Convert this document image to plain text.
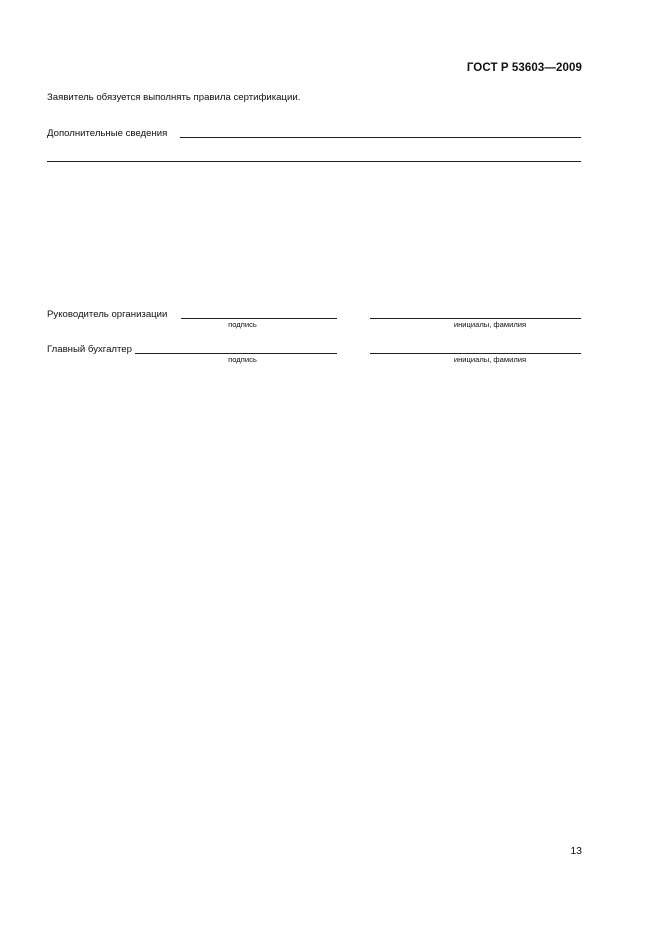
ГОСТ Р 53603—2009
Заявитель обязуется выполнять правила сертификации.
Дополнительные сведения
Руководитель организации
подпись	инициалы, фамилия
Главный бухгалтер
подпись	инициалы, фамилия
13
